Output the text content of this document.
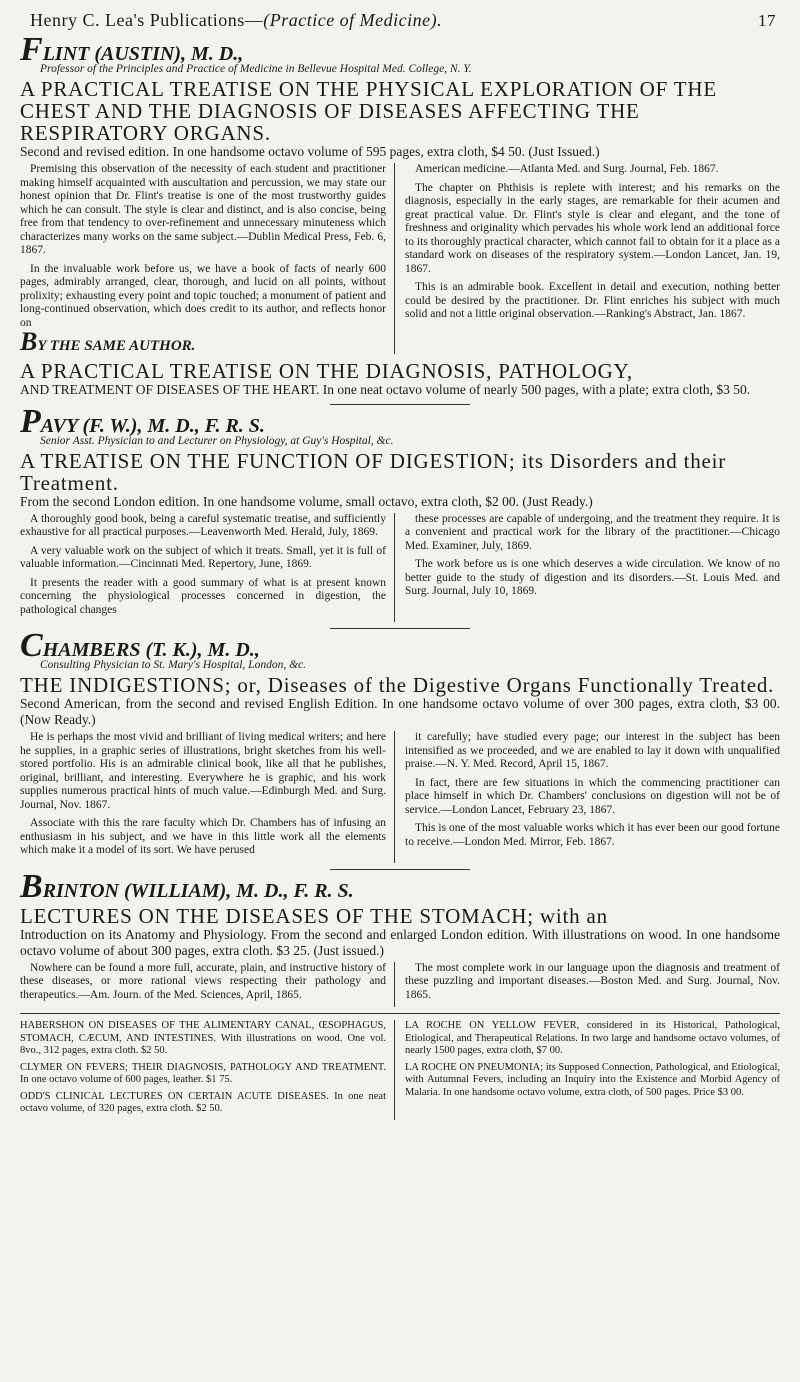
Henry C. Lea's Publications—(Practice of Medicine).	17
FLINT (AUSTIN), M. D.,
Professor of the Principles and Practice of Medicine in Bellevue Hospital Med. College, N. Y.
A PRACTICAL TREATISE ON THE PHYSICAL EXPLORATION OF THE CHEST AND THE DIAGNOSIS OF DISEASES AFFECTING THE RESPIRATORY ORGANS.
Second and revised edition. In one handsome octavo volume of 595 pages, extra cloth, $4 50. (Just Issued.)

Premising this observation of the necessity of each student and practitioner making himself acquainted with auscultation and percussion, we may state our honest opinion that Dr. Flint's treatise is one of the most trustworthy guides which he can consult. The style is clear and distinct, and is also concise, being free from that tendency to over-refinement and unnecessary minuteness which characterizes many works on the same subject.—Dublin Medical Press, Feb. 6, 1867.

In the invaluable work before us, we have a book of facts of nearly 600 pages, admirably arranged, clear, thorough, and lucid on all points, without prolixity; exhausting every point and topic touched; a monument of patient and long-continued observation, which does credit to its author, and reflects honor on

BY THE SAME AUTHOR.

American medicine.—Atlanta Med. and Surg. Journal, Feb. 1867.

The chapter on Phthisis is replete with interest; and his remarks on the diagnosis, especially in the early stages, are remarkable for their acumen and great practical value. Dr. Flint's style is clear and elegant, and the tone of freshness and originality which pervades his whole work lend an additional force to its thoroughly practical character, which cannot fail to obtain for it a place as a standard work on diseases of the respiratory system.—London Lancet, Jan. 19, 1867.

This is an admirable book. Excellent in detail and execution, nothing better could be desired by the practitioner. Dr. Flint enriches his subject with much solid and not a little original observation.—Ranking's Abstract, Jan. 1867.

A PRACTICAL TREATISE ON THE DIAGNOSIS, PATHOLOGY,
AND TREATMENT OF DISEASES OF THE HEART. In one neat octavo volume of nearly 500 pages, with a plate; extra cloth, $3 50.
PAVY (F. W.), M. D., F. R. S.
Senior Asst. Physician to and Lecturer on Physiology, at Guy's Hospital, &c.
A TREATISE ON THE FUNCTION OF DIGESTION; its Disorders and their Treatment.
From the second London edition. In one handsome volume, small octavo, extra cloth, $2 00. (Just Ready.)

A thoroughly good book, being a careful systematic treatise, and sufficiently exhaustive for all practical purposes.—Leavenworth Med. Herald, July, 1869.

A very valuable work on the subject of which it treats. Small, yet it is full of valuable information.—Cincinnati Med. Repertory, June, 1869.

It presents the reader with a good summary of what is at present known concerning the physiological processes concerned in digestion, the pathological changes

these processes are capable of undergoing, and the treatment they require. It is a convenient and practical work for the library of the practitioner.—Chicago Med. Examiner, July, 1869.

The work before us is one which deserves a wide circulation. We know of no better guide to the study of digestion and its disorders.—St. Louis Med. and Surg. Journal, July 10, 1869.

CHAMBERS (T. K.), M. D.,
Consulting Physician to St. Mary's Hospital, London, &c.
THE INDIGESTIONS; or, Diseases of the Digestive Organs Functionally Treated.
Second American, from the second and revised English Edition. In one handsome octavo volume of over 300 pages, extra cloth, $3 00. (Now Ready.)

He is perhaps the most vivid and brilliant of living medical writers; and here he supplies, in a graphic series of illustrations, bright sketches from his well-stored portfolio. His is an admirable clinical book, like all that he publishes, original, brilliant, and interesting. Everywhere he is graphic, and his work supplies numerous practical hints of much value.—Edinburgh Med. and Surg. Journal, Nov. 1867.

Associate with this the rare faculty which Dr. Chambers has of infusing an enthusiasm in his subject, and we have in this little work all the elements which make it a model of its sort. We have perused

it carefully; have studied every page; our interest in the subject has been intensified as we proceeded, and we are enabled to lay it down with unqualified praise.—N. Y. Med. Record, April 15, 1867.

In fact, there are few situations in which the commencing practitioner can place himself in which Dr. Chambers' conclusions on digestion will not be of service.—London Lancet, February 23, 1867.

This is one of the most valuable works which it has ever been our good fortune to receive.—London Med. Mirror, Feb. 1867.

BRINTON (WILLIAM), M. D., F. R. S.
LECTURES ON THE DISEASES OF THE STOMACH; with an
Introduction on its Anatomy and Physiology. From the second and enlarged London edition. With illustrations on wood. In one handsome octavo volume of about 300 pages, extra cloth. $3 25. (Just issued.)

Nowhere can be found a more full, accurate, plain, and instructive history of these diseases, or more rational views respecting their pathology and therapeutics.—Am. Journ. of the Med. Sciences, April, 1865.

The most complete work in our language upon the diagnosis and treatment of these puzzling and important diseases.—Boston Med. and Surg. Journal, Nov. 1865.

HABERSHON ON DISEASES OF THE ALIMENTARY CANAL, ŒSOPHAGUS, STOMACH, CÆCUM, AND INTESTINES. With illustrations on wood. One vol. 8vo., 312 pages, extra cloth. $2 50.

CLYMER ON FEVERS; THEIR DIAGNOSIS, PATHOLOGY AND TREATMENT. In one octavo volume of 600 pages, leather. $1 75.

ODD'S CLINICAL LECTURES ON CERTAIN ACUTE DISEASES. In one neat octavo volume, of 320 pages, extra cloth. $2 50.

LA ROCHE ON YELLOW FEVER, considered in its Historical, Pathological, Etiological, and Therapeutical Relations. In two large and handsome octavo volumes, of nearly 1500 pages, extra cloth, $7 00.

LA ROCHE ON PNEUMONIA; its Supposed Connection, Pathological, and Etiological, with Autumnal Fevers, including an Inquiry into the Existence and Morbid Agency of Malaria. In one handsome octavo volume, extra cloth, of 500 pages. Price $3 00.
